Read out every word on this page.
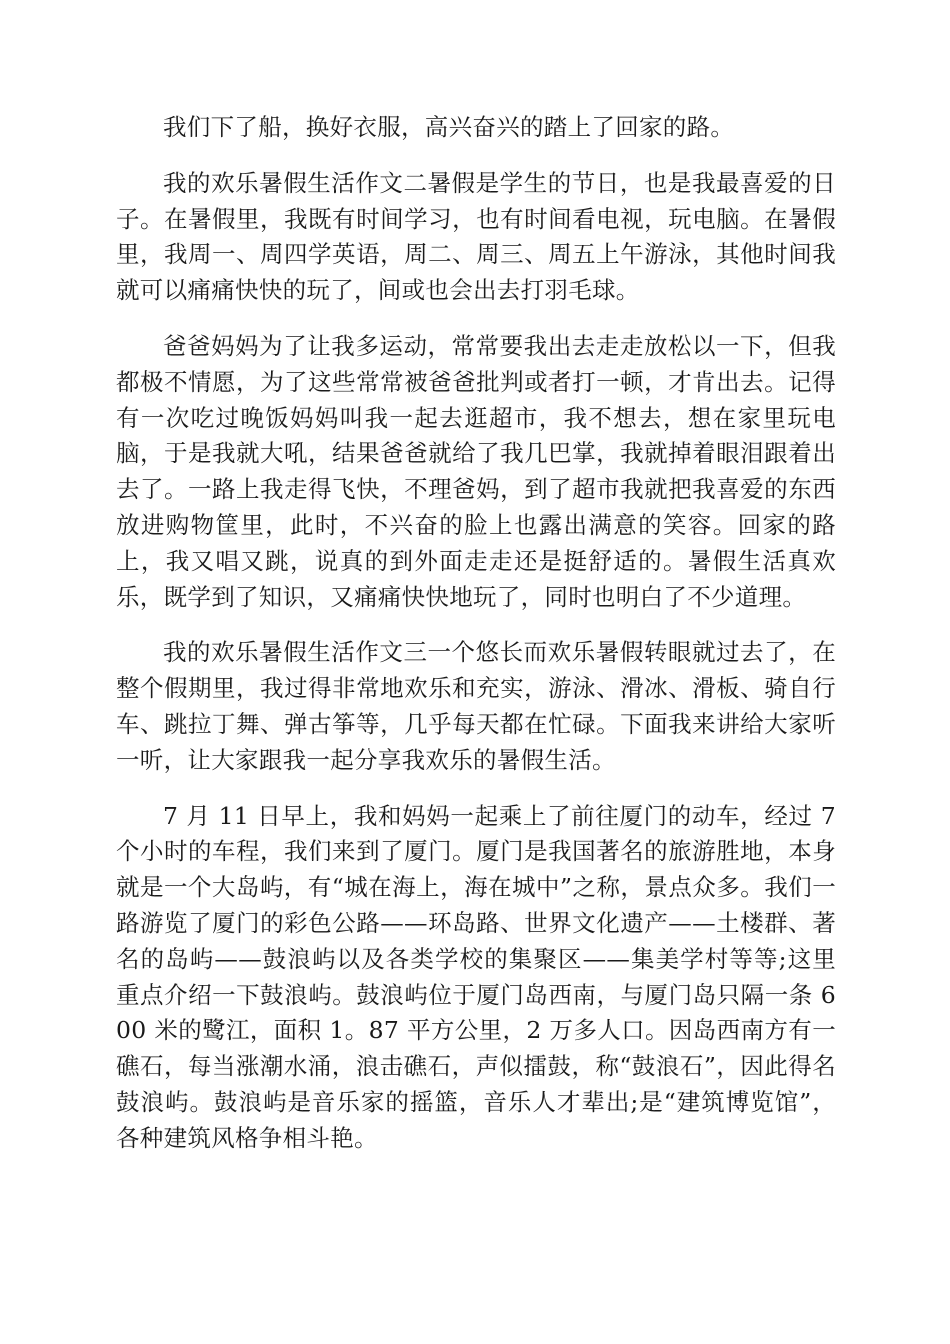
我们下了船，换好衣服，高兴奋兴的踏上了回家的路。

我的欢乐暑假生活作文二暑假是学生的节日，也是我最喜爱的日子。在暑假里，我既有时间学习，也有时间看电视，玩电脑。在暑假里，我周一、周四学英语，周二、周三、周五上午游泳，其他时间我就可以痛痛快快的玩了，间或也会出去打羽毛球。

爸爸妈妈为了让我多运动，常常要我出去走走放松以一下，但我都极不情愿，为了这些常常被爸爸批判或者打一顿，才肯出去。记得有一次吃过晚饭妈妈叫我一起去逛超市，我不想去，想在家里玩电脑，于是我就大吼，结果爸爸就给了我几巴掌，我就掉着眼泪跟着出去了。一路上我走得飞快，不理爸妈，到了超市我就把我喜爱的东西放进购物筐里，此时，不兴奋的脸上也露出满意的笑容。回家的路上，我又唱又跳，说真的到外面走走还是挺舒适的。暑假生活真欢乐，既学到了知识，又痛痛快快地玩了，同时也明白了不少道理。

我的欢乐暑假生活作文三一个悠长而欢乐暑假转眼就过去了，在整个假期里，我过得非常地欢乐和充实，游泳、滑冰、滑板、骑自行车、跳拉丁舞、弹古筝等，几乎每天都在忙碌。下面我来讲给大家听一听，让大家跟我一起分享我欢乐的暑假生活。

7 月 11 日早上，我和妈妈一起乘上了前往厦门的动车，经过 7 个小时的车程，我们来到了厦门。厦门是我国著名的旅游胜地，本身就是一个大岛屿，有“城在海上，海在城中”之称，景点众多。我们一路游览了厦门的彩色公路——环岛路、世界文化遗产——土楼群、著名的岛屿——鼓浪屿以及各类学校的集聚区——集美学村等等;这里重点介绍一下鼓浪屿。鼓浪屿位于厦门岛西南，与厦门岛只隔一条 600 米的鹭江，面积 1。87 平方公里，2 万多人口。因岛西南方有一礁石，每当涨潮水涌，浪击礁石，声似擂鼓，称“鼓浪石”，因此得名鼓浪屿。鼓浪屿是音乐家的摇篮，音乐人才辈出;是“建筑博览馆”，各种建筑风格争相斗艳。
